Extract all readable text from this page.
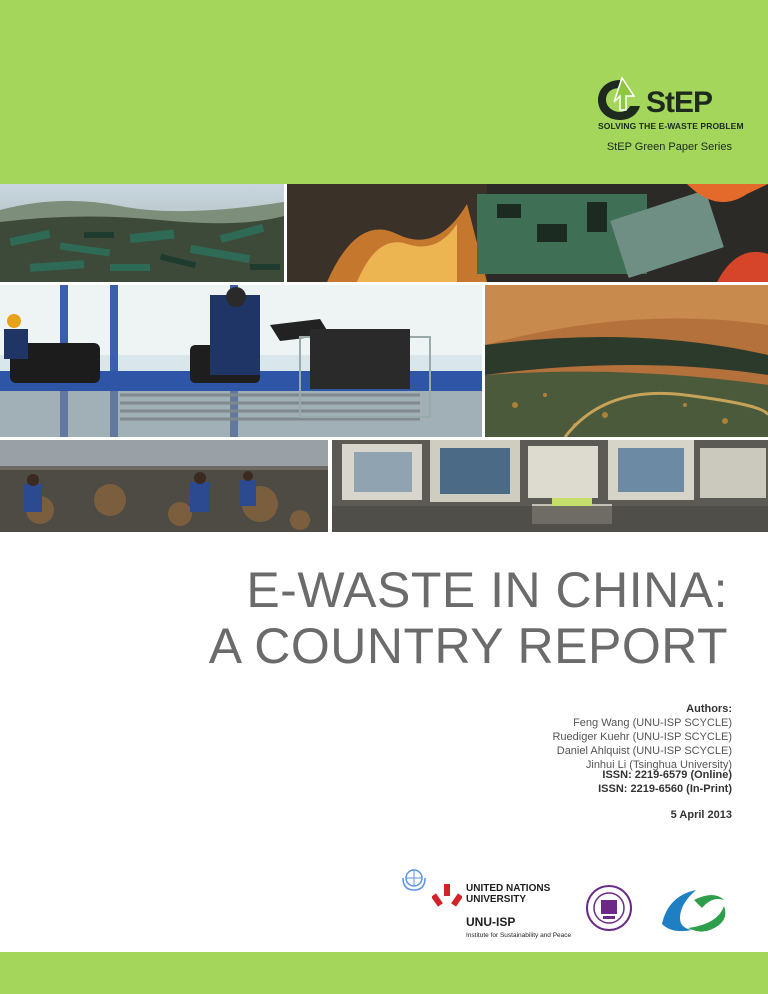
StEP
SOLVING THE E-WASTE PROBLEM
StEP Green Paper Series
E-WASTE IN CHINA:
A COUNTRY REPORT
Authors:
Feng Wang (UNU-ISP SCYCLE)
Ruediger Kuehr (UNU-ISP SCYCLE)
Daniel Ahlquist (UNU-ISP SCYCLE)
Jinhui Li (Tsinghua University)
ISSN: 2219-6579 (Online)
ISSN: 2219-6560 (In-Print)
5 April 2013
UNITED NATIONS
UNIVERSITY
UNU-ISP
Institute for Sustainability and Peace
